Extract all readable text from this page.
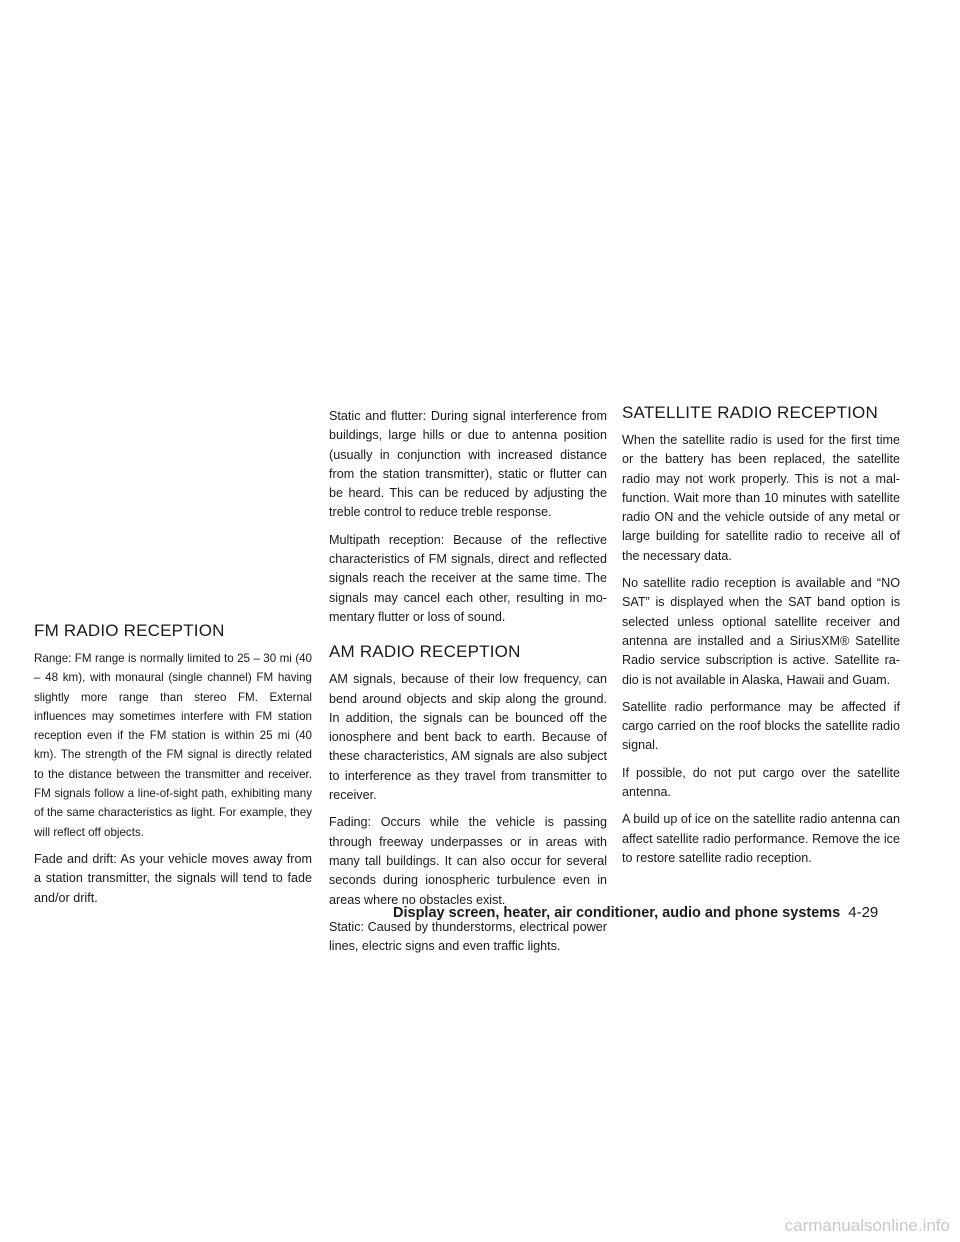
FM RADIO RECEPTION

Range: FM range is normally limited to 25 – 30 mi (40 – 48 km), with monaural (single channel) FM having slightly more range than stereo FM. External influences may sometimes interfere with FM station reception even if the FM station is within 25 mi (40 km). The strength of the FM signal is directly related to the distance between the transmitter and receiver. FM signals follow a line-of-sight path, exhibiting many of the same characteristics as light. For example, they will reflect off objects.

Fade and drift: As your vehicle moves away from a station transmitter, the signals will tend to fade and/or drift.

Static and flutter: During signal interference from buildings, large hills or due to antenna position (usually in conjunction with increased distance from the station transmitter), static or flutter can be heard. This can be reduced by adjusting the treble control to reduce treble response.

Multipath reception: Because of the reflective characteristics of FM signals, direct and reflected signals reach the receiver at the same time. The signals may cancel each other, resulting in momentary flutter or loss of sound.

AM RADIO RECEPTION

AM signals, because of their low frequency, can bend around objects and skip along the ground. In addition, the signals can be bounced off the ionosphere and bent back to earth. Because of these characteristics, AM signals are also subject to interference as they travel from transmitter to receiver.

Fading: Occurs while the vehicle is passing through freeway underpasses or in areas with many tall buildings. It can also occur for several seconds during ionospheric turbulence even in areas where no obstacles exist.

Static: Caused by thunderstorms, electrical power lines, electric signs and even traffic lights.

SATELLITE RADIO RECEPTION

When the satellite radio is used for the first time or the battery has been replaced, the satellite radio may not work properly. This is not a malfunction. Wait more than 10 minutes with satellite radio ON and the vehicle outside of any metal or large building for satellite radio to receive all of the necessary data.

No satellite radio reception is available and “NO SAT” is displayed when the SAT band option is selected unless optional satellite receiver and antenna are installed and a SiriusXM® Satellite Radio service subscription is active. Satellite radio is not available in Alaska, Hawaii and Guam.

Satellite radio performance may be affected if cargo carried on the roof blocks the satellite radio signal.

If possible, do not put cargo over the satellite antenna.

A build up of ice on the satellite radio antenna can affect satellite radio performance. Remove the ice to restore satellite radio reception.

Display screen, heater, air conditioner, audio and phone systems 4-29
carmanualsonline.info
